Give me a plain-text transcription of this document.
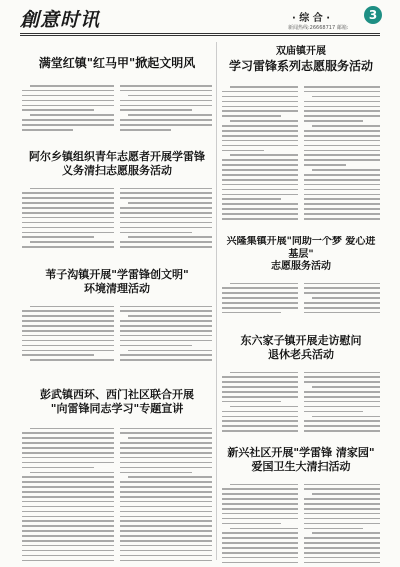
創意时讯	· 综 合 ·	3
新闻热线:26668717 邮箱:
满堂红镇"红马甲"掀起文明风
双庙镇开展
学习雷锋系列志愿服务活动
阿尔乡镇组织青年志愿者开展学雷锋
义务清扫志愿服务活动
兴隆集镇开展"同助一个梦 爱心进基层"
志愿服务活动
苇子沟镇开展"学雷锋创文明"
环境清理活动
东六家子镇开展走访慰问
退休老兵活动
彭武镇西环、西门社区联合开展
"向雷锋同志学习"专题宣讲
新兴社区开展"学雷锋 清家园"
爱国卫生大清扫活动
